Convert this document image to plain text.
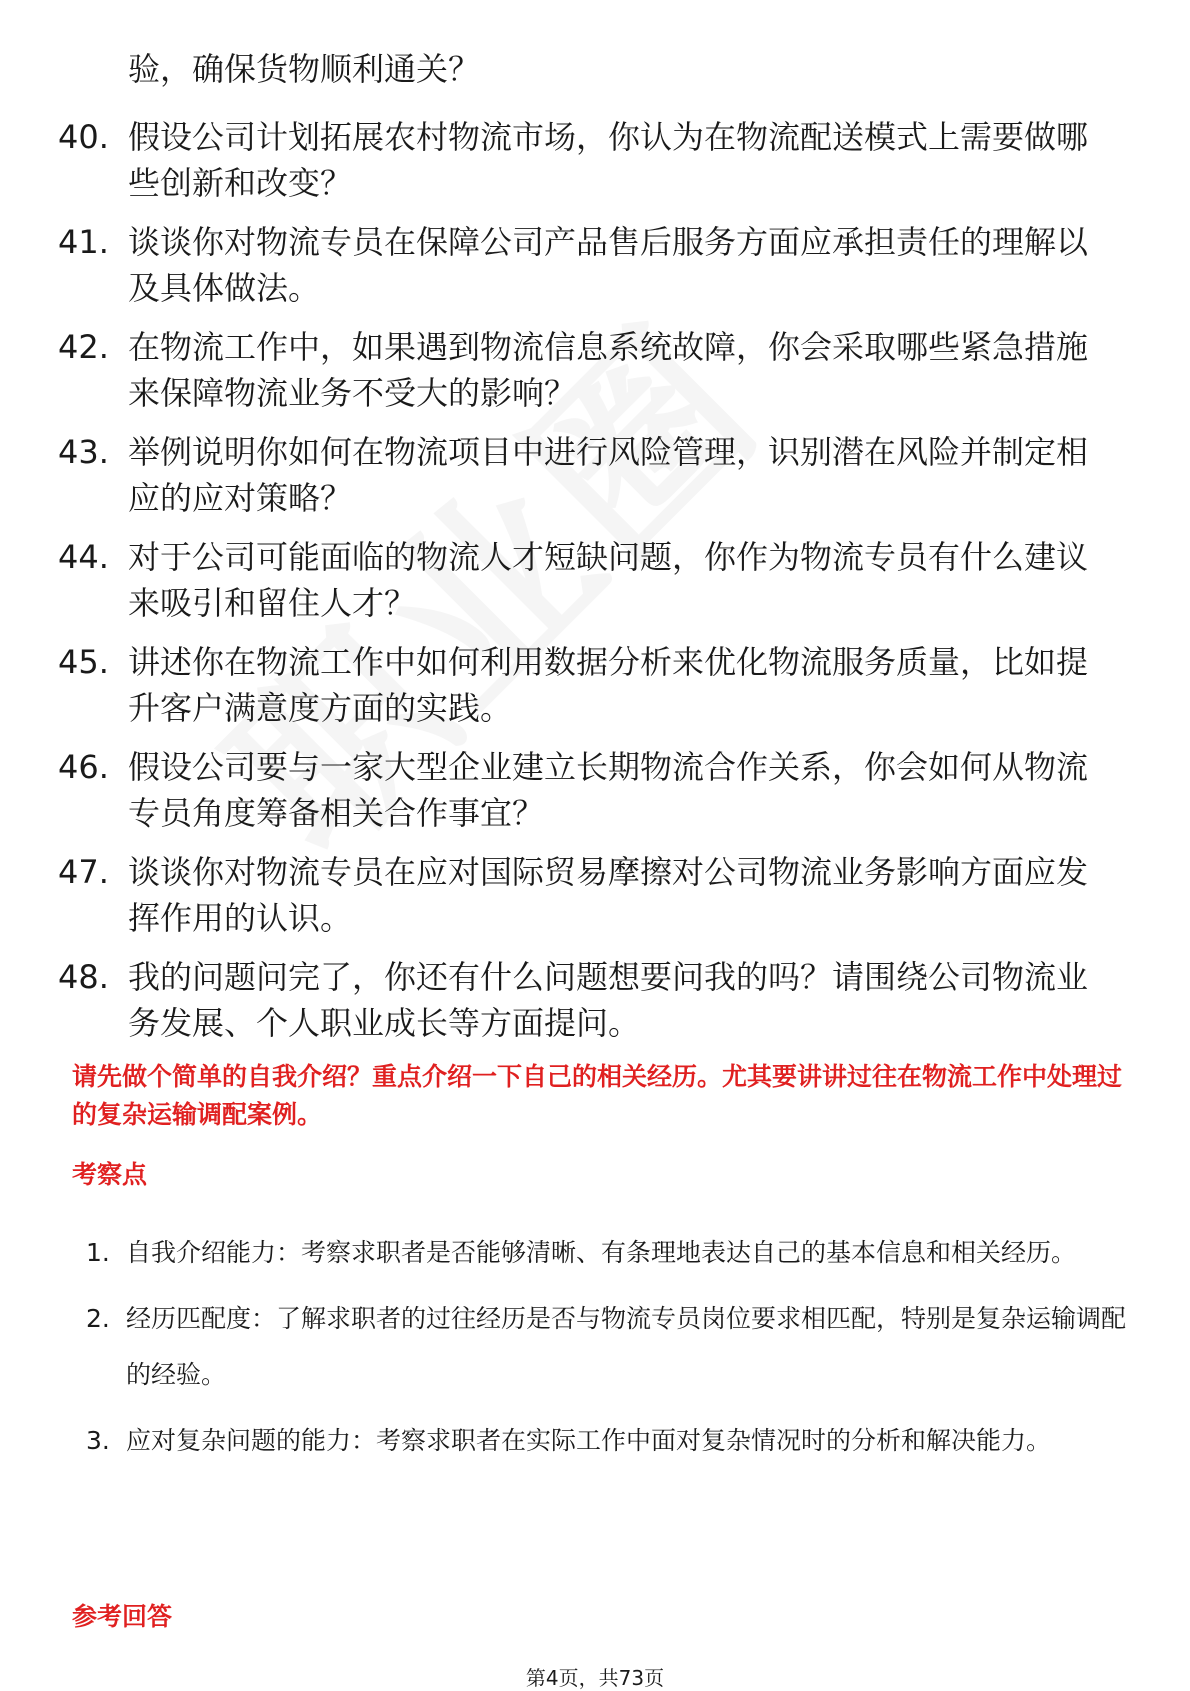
验，确保货物顺利通关？

40. 假设公司计划拓展农村物流市场，你认为在物流配送模式上需要做哪些创新和改变？
41. 谈谈你对物流专员在保障公司产品售后服务方面应承担责任的理解以及具体做法。
42. 在物流工作中，如果遇到物流信息系统故障，你会采取哪些紧急措施来保障物流业务不受大的影响？
43. 举例说明你如何在物流项目中进行风险管理，识别潜在风险并制定相应的应对策略？
44. 对于公司可能面临的物流人才短缺问题，你作为物流专员有什么建议来吸引和留住人才？
45. 讲述你在物流工作中如何利用数据分析来优化物流服务质量，比如提升客户满意度方面的实践。
46. 假设公司要与一家大型企业建立长期物流合作关系，你会如何从物流专员角度筹备相关合作事宜？
47. 谈谈你对物流专员在应对国际贸易摩擦对公司物流业务影响方面应发挥作用的认识。
48. 我的问题问完了，你还有什么问题想要问我的吗？请围绕公司物流业务发展、个人职业成长等方面提问。

请先做个简单的自我介绍？重点介绍一下自己的相关经历。尤其要讲讲过往在物流工作中处理过的复杂运输调配案例。

考察点
1. 自我介绍能力：考察求职者是否能够清晰、有条理地表达自己的基本信息和相关经历。
2. 经历匹配度：了解求职者的过往经历是否与物流专员岗位要求相匹配，特别是复杂运输调配的经验。
3. 应对复杂问题的能力：考察求职者在实际工作中面对复杂情况时的分析和解决能力。
参考回答
第4页，共73页
